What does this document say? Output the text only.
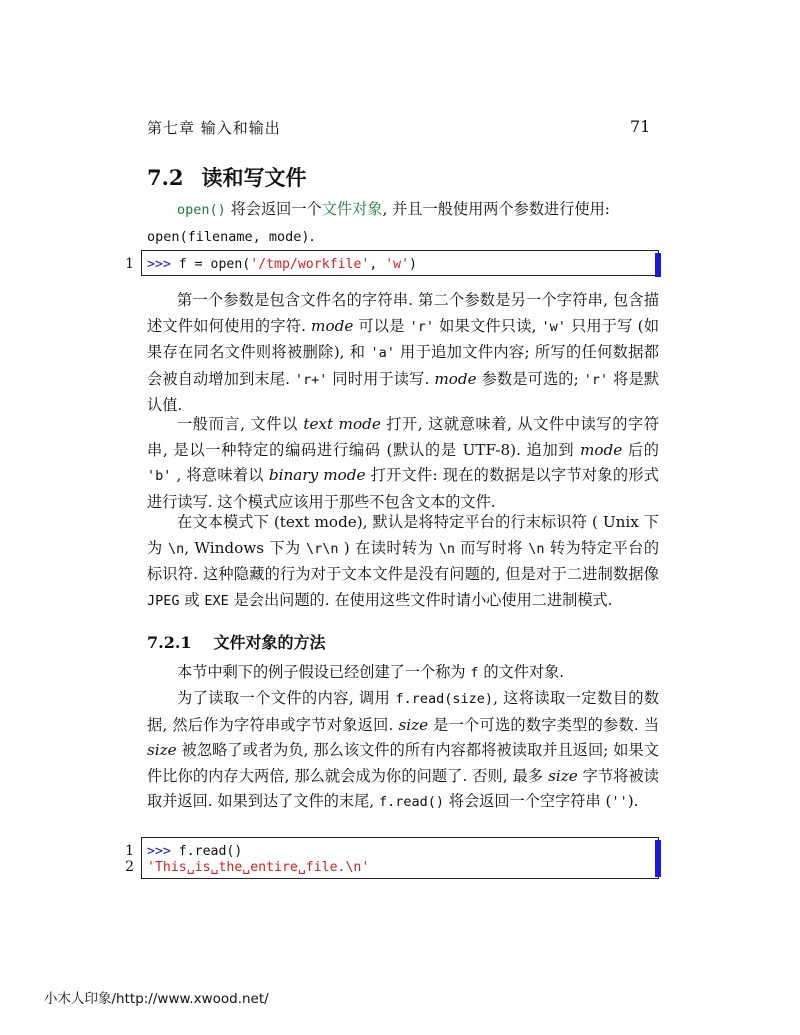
第七章 输入和输出	71
7.2 读和写文件
open() 将会返回一个文件对象, 并且一般使用两个参数进行使用:
open(filename, mode).
1 >>> f = open('/tmp/workfile', 'w')
第一个参数是包含文件名的字符串. 第二个参数是另一个字符串, 包含描述文件如何使用的字符. mode 可以是 'r' 如果文件只读, 'w' 只用于写 (如果存在同名文件则将被删除), 和 'a' 用于追加文件内容; 所写的任何数据都会被自动增加到末尾. 'r+' 同时用于读写. mode 参数是可选的; 'r' 将是默认值.
一般而言, 文件以 text mode 打开, 这就意味着, 从文件中读写的字符串, 是以一种特定的编码进行编码 (默认的是 UTF-8). 追加到 mode 后的 'b' , 将意味着以 binary mode 打开文件: 现在的数据是以字节对象的形式进行读写. 这个模式应该用于那些不包含文本的文件.
在文本模式下 (text mode), 默认是将特定平台的行末标识符 ( Unix 下为 \n, Windows 下为 \r\n ) 在读时转为 \n 而写时将 \n 转为特定平台的标识符. 这种隐藏的行为对于文本文件是没有问题的, 但是对于二进制数据像 JPEG 或 EXE 是会出问题的. 在使用这些文件时请小心使用二进制模式.
7.2.1 文件对象的方法
本节中剩下的例子假设已经创建了一个称为 f 的文件对象.
为了读取一个文件的内容, 调用 f.read(size), 这将读取一定数目的数据, 然后作为字符串或字节对象返回. size 是一个可选的数字类型的参数. 当 size 被忽略了或者为负, 那么该文件的所有内容都将被读取并且返回; 如果文件比你的内存大两倍, 那么就会成为你的问题了. 否则, 最多 size 字节将被读取并返回. 如果到达了文件的末尾, f.read() 将会返回一个空字符串 ('').
1 >>> f.read()
2 'This␣is␣the␣entire␣file.\n'
小木人印象/http://www.xwood.net/
